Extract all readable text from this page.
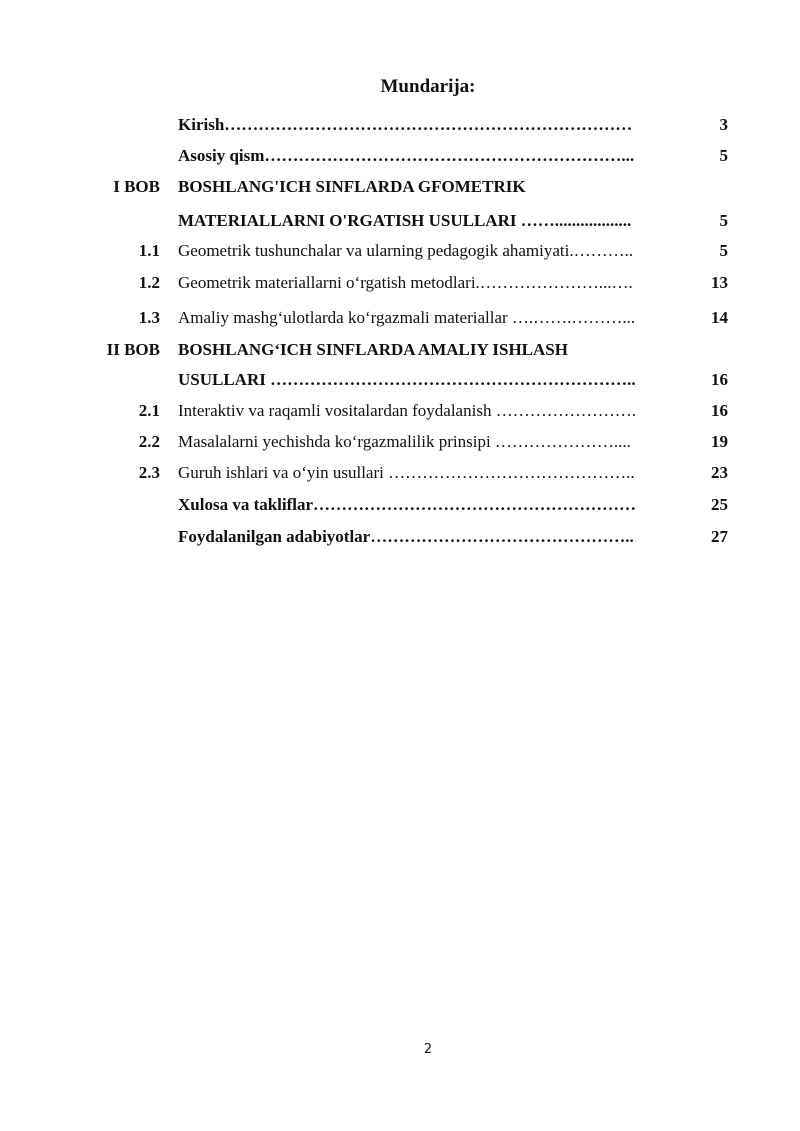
Mundarija:
Kirish………………………………………………………………	3
Asosiy qism………………………………………………………...	5
I BOB BOSHLANG'ICH SINFLARDA GFOMETRIK
MATERIALLARNI O'RGATISH USULLARI ……..................	5
1.1 Geometrik tushunchalar va ularning pedagogik ahamiyati.………..	5
1.2 Geometrik materiallarni o‘rgatish metodlari.…………………...….	13
1.3 Amaliy mashg‘ulotlarda ko‘rgazmali materiallar ….…….………...	14
II BOB BOSHLANG‘ICH SINFLARDA AMALIY ISHLASH
USULLARI ………………………………………………………..	16
2.1 Interaktiv va raqamli vositalardan foydalanish …………………….	16
2.2 Masalalarni yechishda ko‘rgazmalilik prinsipi …………………....	19
2.3 Guruh ishlari va o‘yin usullari ……………………………………..	23
Xulosa va takliflar…………………………………………………	25
Foydalanilgan adabiyotlar………………………………………..	27
2
